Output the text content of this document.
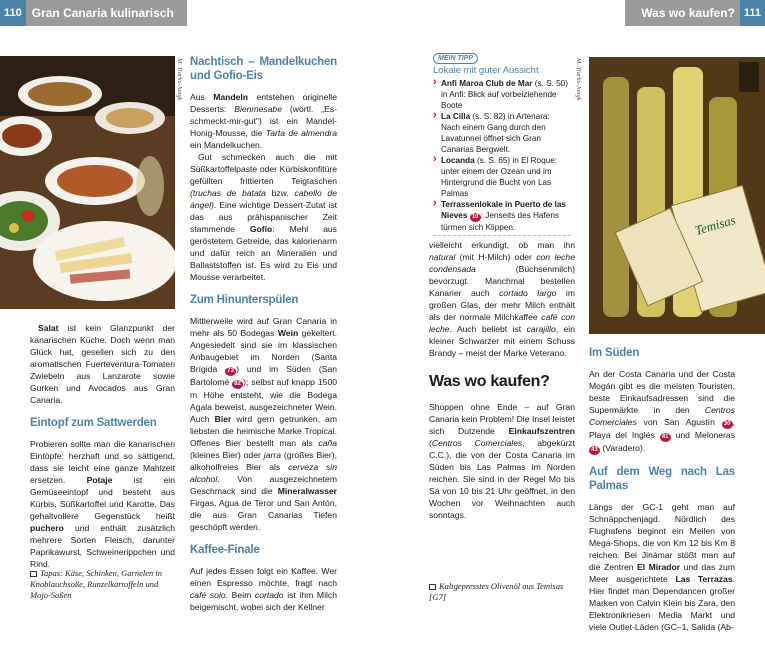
110 Gran Canaria kulinarisch	Was wo kaufen? 111
M. Tiarks-Jungk

Salat ist kein Glanzpunkt der kanarischen Küche. Doch wenn man Glück hat, gesellen sich zu den aromatischen Fuerteventura-Tomaten Zwiebeln aus Lanzarote sowie Gurken und Avocados aus Gran Canaria.

Eintopf zum Sattwerden

Probieren sollte man die kanarischen Eintöpfe: herzhaft und so sättigend, dass sie leicht eine ganze Mahlzeit ersetzen. Potaje ist ein Gemüseeintopf und besteht aus Kürbis, Süßkartoffel und Karotte. Das gehaltvollere Gegenstück heißt puchero und enthält zusätzlich mehrere Sorten Fleisch, darunter Paprikawurst, Schweinerippchen und Rind.

Tapas: Käse, Schinken, Garnelen in Knoblauchsoße, Runzelkartoffeln und Mojo-Soßen
Nachtisch – Mandelkuchen und Gofio-Eis

Aus Mandeln entstehen originelle Desserts: Bienmesabe (wörtl. „Es-schmeckt-mir-gut") ist ein Mandel-Honig-Mousse, die Tarta de almendra ein Mandelkuchen.

Gut schmecken auch die mit Süßkartoffelpaste oder Kürbiskonfitüre gefüllten frittierten Teigtaschen (truchas de batata bzw. cabello de ángel). Eine wichtige Dessert-Zutat ist das aus prähispanischer Zeit stammende Gofio: Mehl aus geröstetem Getreide, das kalorienarm und dafür reich an Mineralien und Ballaststoffen ist. Es wird zu Eis und Mousse verarbeitet.

Zum Hinunterspülen

Mittlerweile wird auf Gran Canaria in mehr als 50 Bodegas Wein gekeltert. Angesiedelt sind sie im klassischen Anbaugebiet im Norden (Santa Brígida 73 ) und im Süden (San Bartolomé 82 ); selbst auf knapp 1500 m Höhe entsteht, wie die Bodega Agala beweist, ausgezeichneter Wein. Auch Bier wird gern getrunken, am liebsten die heimische Marke Tropical. Offenes Bier bestellt man als caña (kleines Bier) oder jarra (großes Bier), alkoholfreies Bier als cerveza sin alcohol. Von ausgezeichnetem Geschmack sind die Mineralwasser Firgas, Agua de Teror und San Antón, die aus Gran Canarias Tiefen geschöpft werden.

Kaffee-Finale

Auf jedes Essen folgt ein Kaffee. Wer einen Espresso möchte, fragt nach café solo. Beim cortado ist ihm Milch beigemischt, wobei sich der Kellner

MEIN TIPP
Lokale mit guter Aussicht
› Anfi Maroa Club de Mar (s. S. 50)
in Anfi: Blick auf vorbeiziehende Boote
› La Cilla (s. S. 82) in Artenara:
Nach einem Gang durch den Lavatunnel öffnet sich Gran Canarias Bergwelt.
› Locanda (s. S. 65) in El Roque:
unter einem der Ozean und im Hintergrund die Bucht von Las Palmas
› Terrassenlokale in Puerto de las Nieves 10 : Jenseits des Hafens türmen sich Klippen.
M. Tiarks-Jungk

vielleicht erkundigt, ob man ihn natural (mit H-Milch) oder con leche condensada (Büchsenmilch) bevorzugt. Manchmal bestellen Kanarier auch cortado largo im großen Glas, der mehr Milch enthält als der normale Milchkaffee café con leche. Auch beliebt ist carajillo, ein kleiner Schwarzer mit einem Schuss Brandy – meist der Marke Veterano.

Was wo kaufen?

Shoppen ohne Ende – auf Gran Canaria kein Problem! Die Insel leistet sich Dutzende Einkaufszentren (Centros Comerciales, abgekürzt C.C.), die von der Costa Canaria im Süden bis Las Palmas im Norden reichen. Sie sind in der Regel Mo bis Sa von 10 bis 21 Uhr geöffnet, in den Wochen vor Weihnachten auch sonntags.

Kaltgepresstes Olivenöl aus Temisas [G7]
Temisas
Im Süden

An der Costa Canaria und der Costa Mogán gibt es die meisten Touristen, beste Einkaufsadressen sind die Supermärkte in den Centros Comerciales von San Agustín 30 , Playa del Inglés 41 und Meloneras 43 (Varadero).

Auf dem Weg nach Las Palmas

Längs der GC-1 geht man auf Schnäppchenjagd. Nördlich des Flughafens beginnt ein Meilen von Mega-Shops, die von Km 12 bis Km 8 reichen. Bei Jinámar stößt man auf die Zentren El Mirador und das zum Meer ausgerichtete Las Terrazas. Hier findet man Dependancen großer Marken von Calvin Klein bis Zara, den Elektronikriesen Media Markt und viele Outlet-Läden (GC–1, Salida (Ab-
